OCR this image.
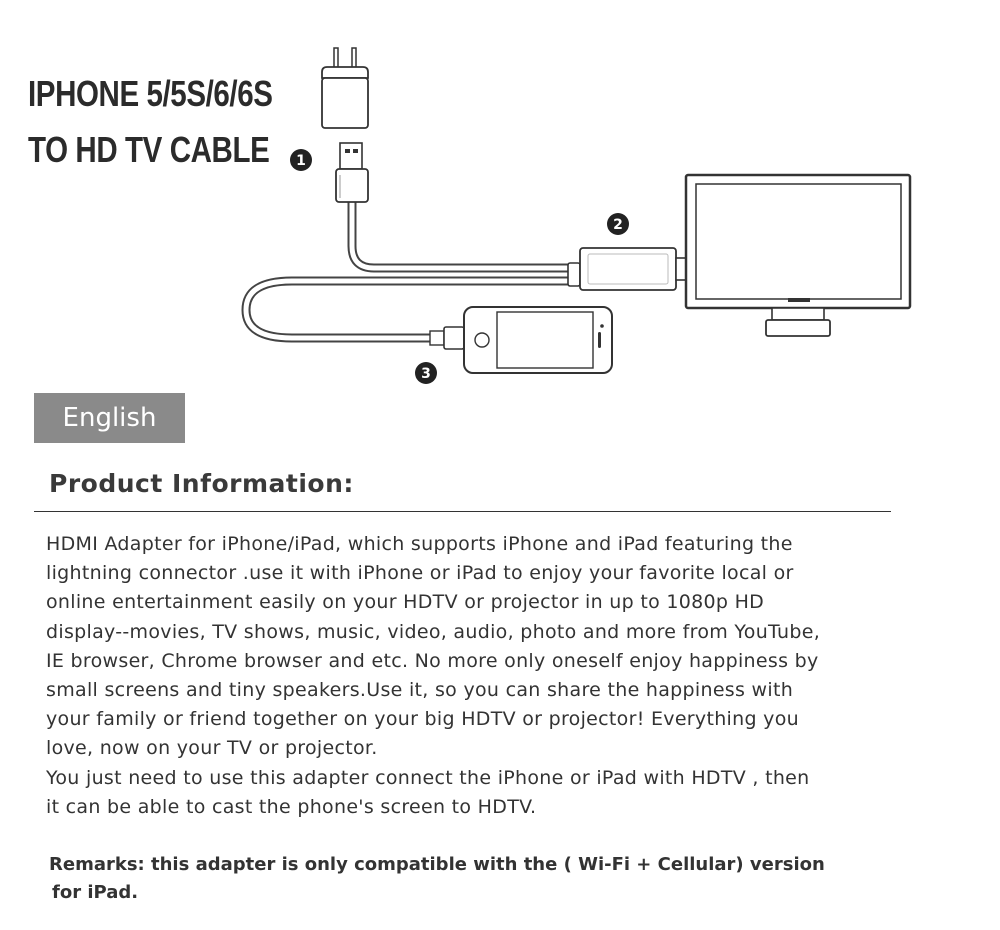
IPHONE 5/5S/6/6S
TO HD TV CABLE 1
2
3
English
Product Information:

HDMI Adapter for iPhone/iPad, which supports iPhone and iPad featuring the
lightning connector .use it with iPhone or iPad to enjoy your favorite local or
online entertainment easily on your HDTV or projector in up to 1080p HD
display--movies, TV shows, music, video, audio, photo and more from YouTube,
IE browser, Chrome browser and etc. No more only oneself enjoy happiness by
small screens and tiny speakers.Use it, so you can share the happiness with
your family or friend together on your big HDTV or projector! Everything you
love, now on your TV or projector.
You just need to use this adapter connect the iPhone or iPad with HDTV , then
it can be able to cast the phone's screen to HDTV.

Remarks: this adapter is only compatible with the ( Wi-Fi + Cellular) version
for iPad.
